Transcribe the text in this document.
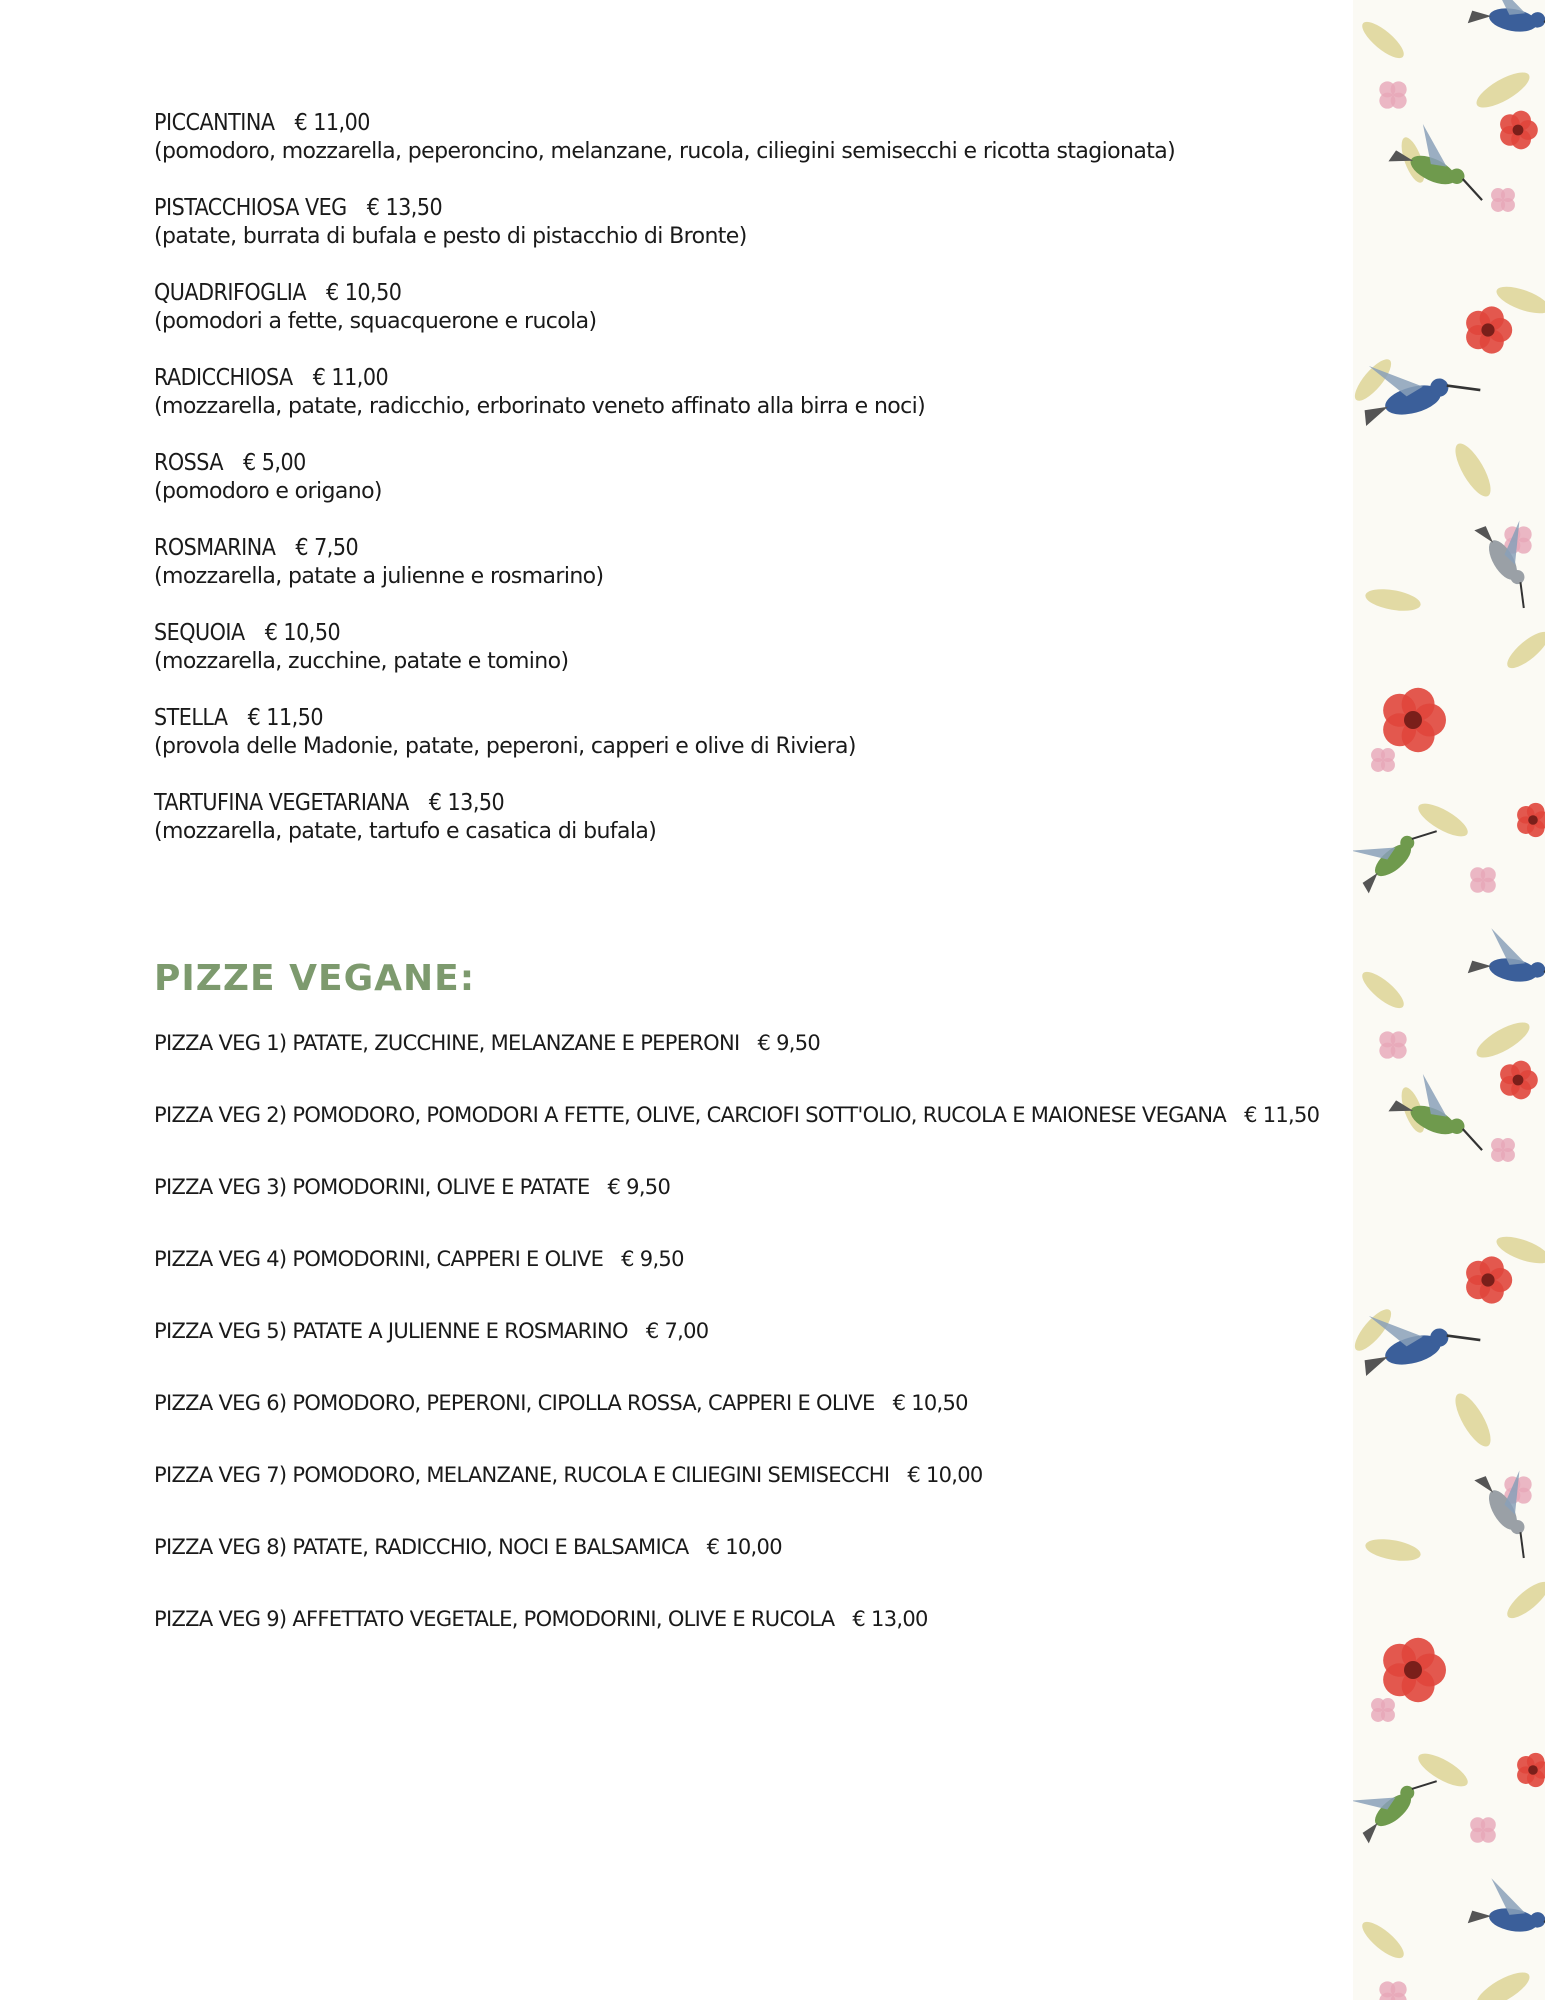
PICCANTINA € 11,00
(pomodoro, mozzarella, peperoncino, melanzane, rucola, ciliegini semisecchi e ricotta stagionata)
PISTACCHIOSA VEG € 13,50
(patate, burrata di bufala e pesto di pistacchio di Bronte)
QUADRIFOGLIA € 10,50
(pomodori a fette, squacquerone e rucola)
RADICCHIOSA € 11,00
(mozzarella, patate, radicchio, erborinato veneto affinato alla birra e noci)
ROSSA € 5,00
(pomodoro e origano)
ROSMARINA € 7,50
(mozzarella, patate a julienne e rosmarino)
SEQUOIA € 10,50
(mozzarella, zucchine, patate e tomino)
STELLA € 11,50
(provola delle Madonie, patate, peperoni, capperi e olive di Riviera)
TARTUFINA VEGETARIANA € 13,50
(mozzarella, patate, tartufo e casatica di bufala)
PIZZE VEGANE:
PIZZA VEG 1) PATATE, ZUCCHINE, MELANZANE E PEPERONI € 9,50
PIZZA VEG 2) POMODORO, POMODORI A FETTE, OLIVE, CARCIOFI SOTT'OLIO, RUCOLA E MAIONESE VEGANA € 11,50
PIZZA VEG 3) POMODORINI, OLIVE E PATATE € 9,50
PIZZA VEG 4) POMODORINI, CAPPERI E OLIVE € 9,50
PIZZA VEG 5) PATATE A JULIENNE E ROSMARINO € 7,00
PIZZA VEG 6) POMODORO, PEPERONI, CIPOLLA ROSSA, CAPPERI E OLIVE € 10,50
PIZZA VEG 7) POMODORO, MELANZANE, RUCOLA E CILIEGINI SEMISECCHI € 10,00
PIZZA VEG 8) PATATE, RADICCHIO, NOCI E BALSAMICA € 10,00
PIZZA VEG 9) AFFETTATO VEGETALE, POMODORINI, OLIVE E RUCOLA € 13,00
